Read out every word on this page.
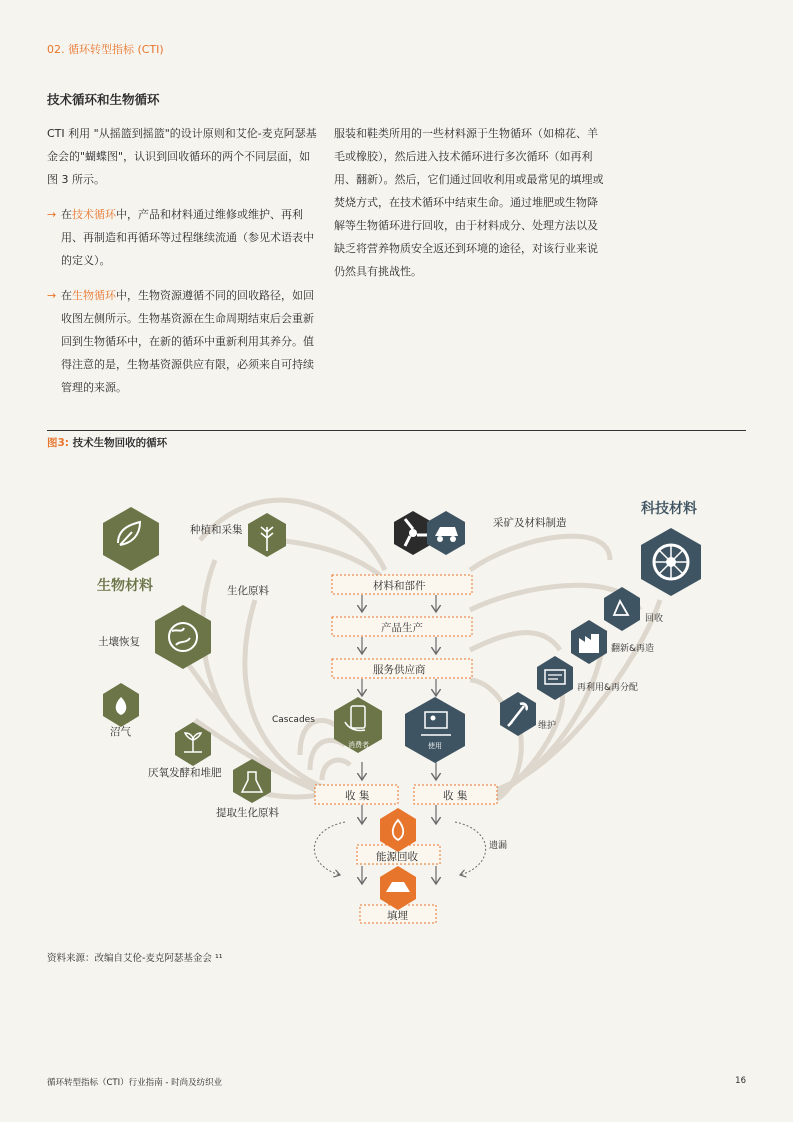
02. 循环转型指标 (CTI)
技术循环和生物循环

CTI 利用 "从摇篮到摇篮"的设计原则和艾伦-麦克阿瑟基金会的"蝴蝶图"，认识到回收循环的两个不同层面，如图 3 所示。

→ 在技术循环中，产品和材料通过维修或维护、再利用、再制造和再循环等过程继续流通（参见术语表中的定义）。

→ 在生物循环中，生物资源遵循不同的回收路径，如回收图左侧所示。生物基资源在生命周期结束后会重新回到生物循环中，在新的循环中重新利用其养分。值得注意的是，生物基资源供应有限，必须来自可持续管理的来源。

服装和鞋类所用的一些材料源于生物循环（如棉花、羊毛或橡胶），然后进入技术循环进行多次循环（如再利用、翻新）。然后，它们通过回收利用或最常见的填埋或焚烧方式，在技术循环中结束生命。通过堆肥或生物降解等生物循环进行回收，由于材料成分、处理方法以及缺乏将营养物质安全返还到环境的途径，对该行业来说仍然具有挑战性。

图3: 技术生物回收的循环
生物材料
科技材料
种植和采集
生化原料
土壤恢复
沼气
厌氧发酵和堆肥
提取生化原料
采矿及材料制造
材料和部件
产品生产
服务供应商
收 集	收 集
能源回收
填埋
Cascades
遗漏
回收
翻新&再造
再利用&再分配
维护
消费者	使用
资料来源：改编自艾伦-麦克阿瑟基金会 ¹¹
循环转型指标（CTI）行业指南 - 时尚及纺织业	16
